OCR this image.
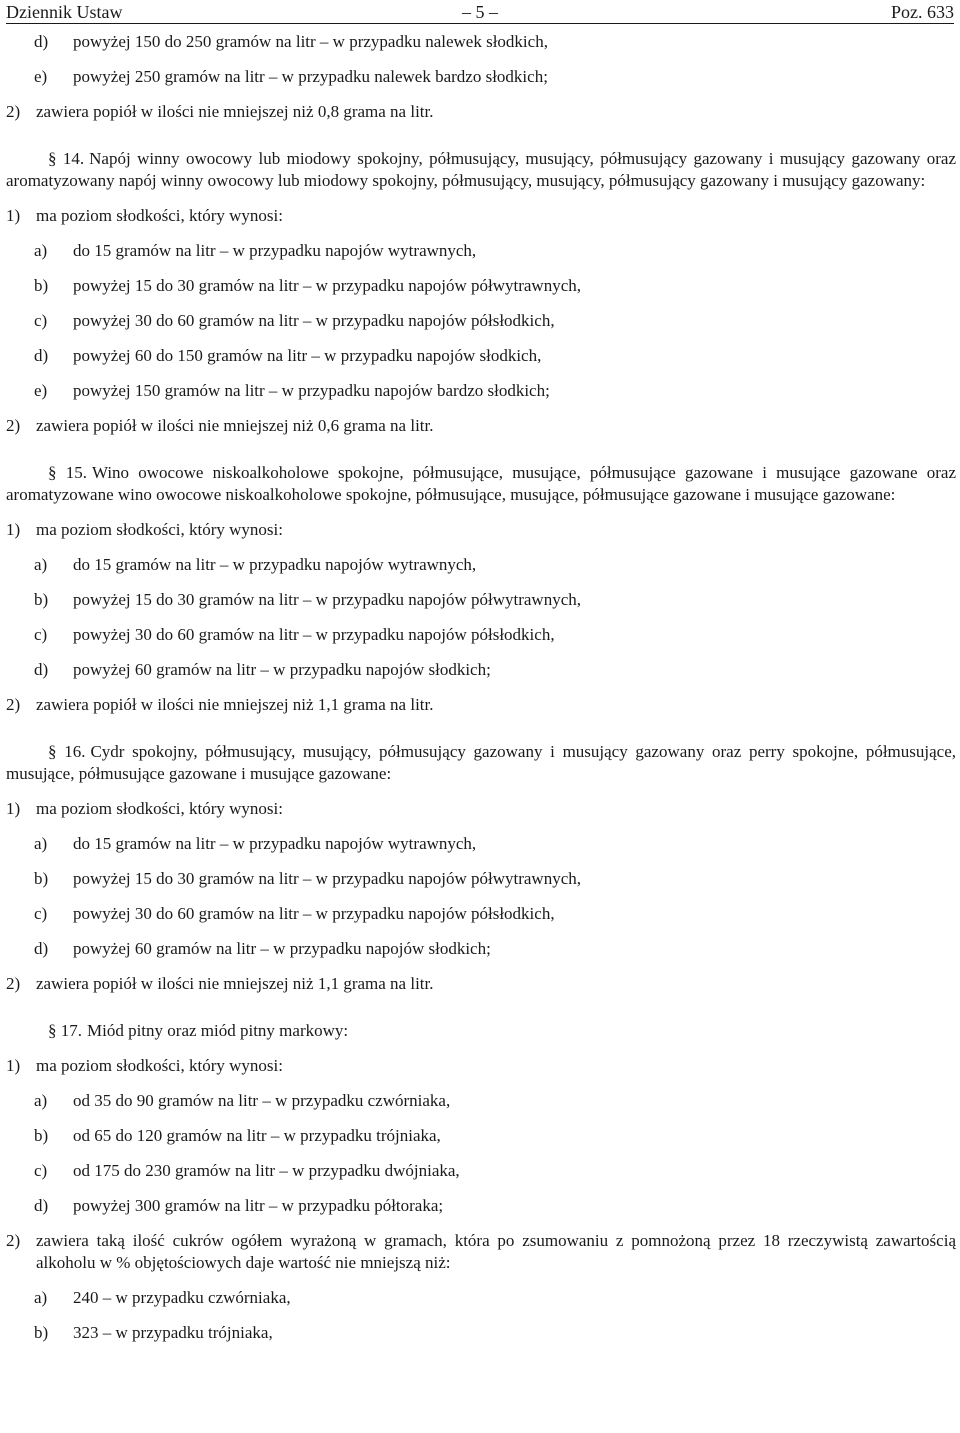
Dziennik Ustaw	– 5 –	Poz. 633
d) powyżej 150 do 250 gramów na litr – w przypadku nalewek słodkich,
e) powyżej 250 gramów na litr – w przypadku nalewek bardzo słodkich;
2) zawiera popiół w ilości nie mniejszej niż 0,8 grama na litr.
§ 14. Napój winny owocowy lub miodowy spokojny, półmusujący, musujący, półmusujący gazowany i musujący gazowany oraz aromatyzowany napój winny owocowy lub miodowy spokojny, półmusujący, musujący, półmusujący gazowany i musujący gazowany:
1) ma poziom słodkości, który wynosi:
a) do 15 gramów na litr – w przypadku napojów wytrawnych,
b) powyżej 15 do 30 gramów na litr – w przypadku napojów półwytrawnych,
c) powyżej 30 do 60 gramów na litr – w przypadku napojów półsłodkich,
d) powyżej 60 do 150 gramów na litr – w przypadku napojów słodkich,
e) powyżej 150 gramów na litr – w przypadku napojów bardzo słodkich;
2) zawiera popiół w ilości nie mniejszej niż 0,6 grama na litr.
§ 15. Wino owocowe niskoalkoholowe spokojne, półmusujące, musujące, półmusujące gazowane i musujące gazowane oraz aromatyzowane wino owocowe niskoalkoholowe spokojne, półmusujące, musujące, półmusujące gazowane i musujące gazowane:
1) ma poziom słodkości, który wynosi:
a) do 15 gramów na litr – w przypadku napojów wytrawnych,
b) powyżej 15 do 30 gramów na litr – w przypadku napojów półwytrawnych,
c) powyżej 30 do 60 gramów na litr – w przypadku napojów półsłodkich,
d) powyżej 60 gramów na litr – w przypadku napojów słodkich;
2) zawiera popiół w ilości nie mniejszej niż 1,1 grama na litr.
§ 16. Cydr spokojny, półmusujący, musujący, półmusujący gazowany i musujący gazowany oraz perry spokojne, półmusujące, musujące, półmusujące gazowane i musujące gazowane:
1) ma poziom słodkości, który wynosi:
a) do 15 gramów na litr – w przypadku napojów wytrawnych,
b) powyżej 15 do 30 gramów na litr – w przypadku napojów półwytrawnych,
c) powyżej 30 do 60 gramów na litr – w przypadku napojów półsłodkich,
d) powyżej 60 gramów na litr – w przypadku napojów słodkich;
2) zawiera popiół w ilości nie mniejszej niż 1,1 grama na litr.
§ 17. Miód pitny oraz miód pitny markowy:
1) ma poziom słodkości, który wynosi:
a) od 35 do 90 gramów na litr – w przypadku czwórniaka,
b) od 65 do 120 gramów na litr – w przypadku trójniaka,
c) od 175 do 230 gramów na litr – w przypadku dwójniaka,
d) powyżej 300 gramów na litr – w przypadku półtoraka;
2) zawiera taką ilość cukrów ogółem wyrażoną w gramach, która po zsumowaniu z pomnożoną przez 18 rzeczywistą zawartością alkoholu w % objętościowych daje wartość nie mniejszą niż:
a) 240 – w przypadku czwórniaka,
b) 323 – w przypadku trójniaka,
